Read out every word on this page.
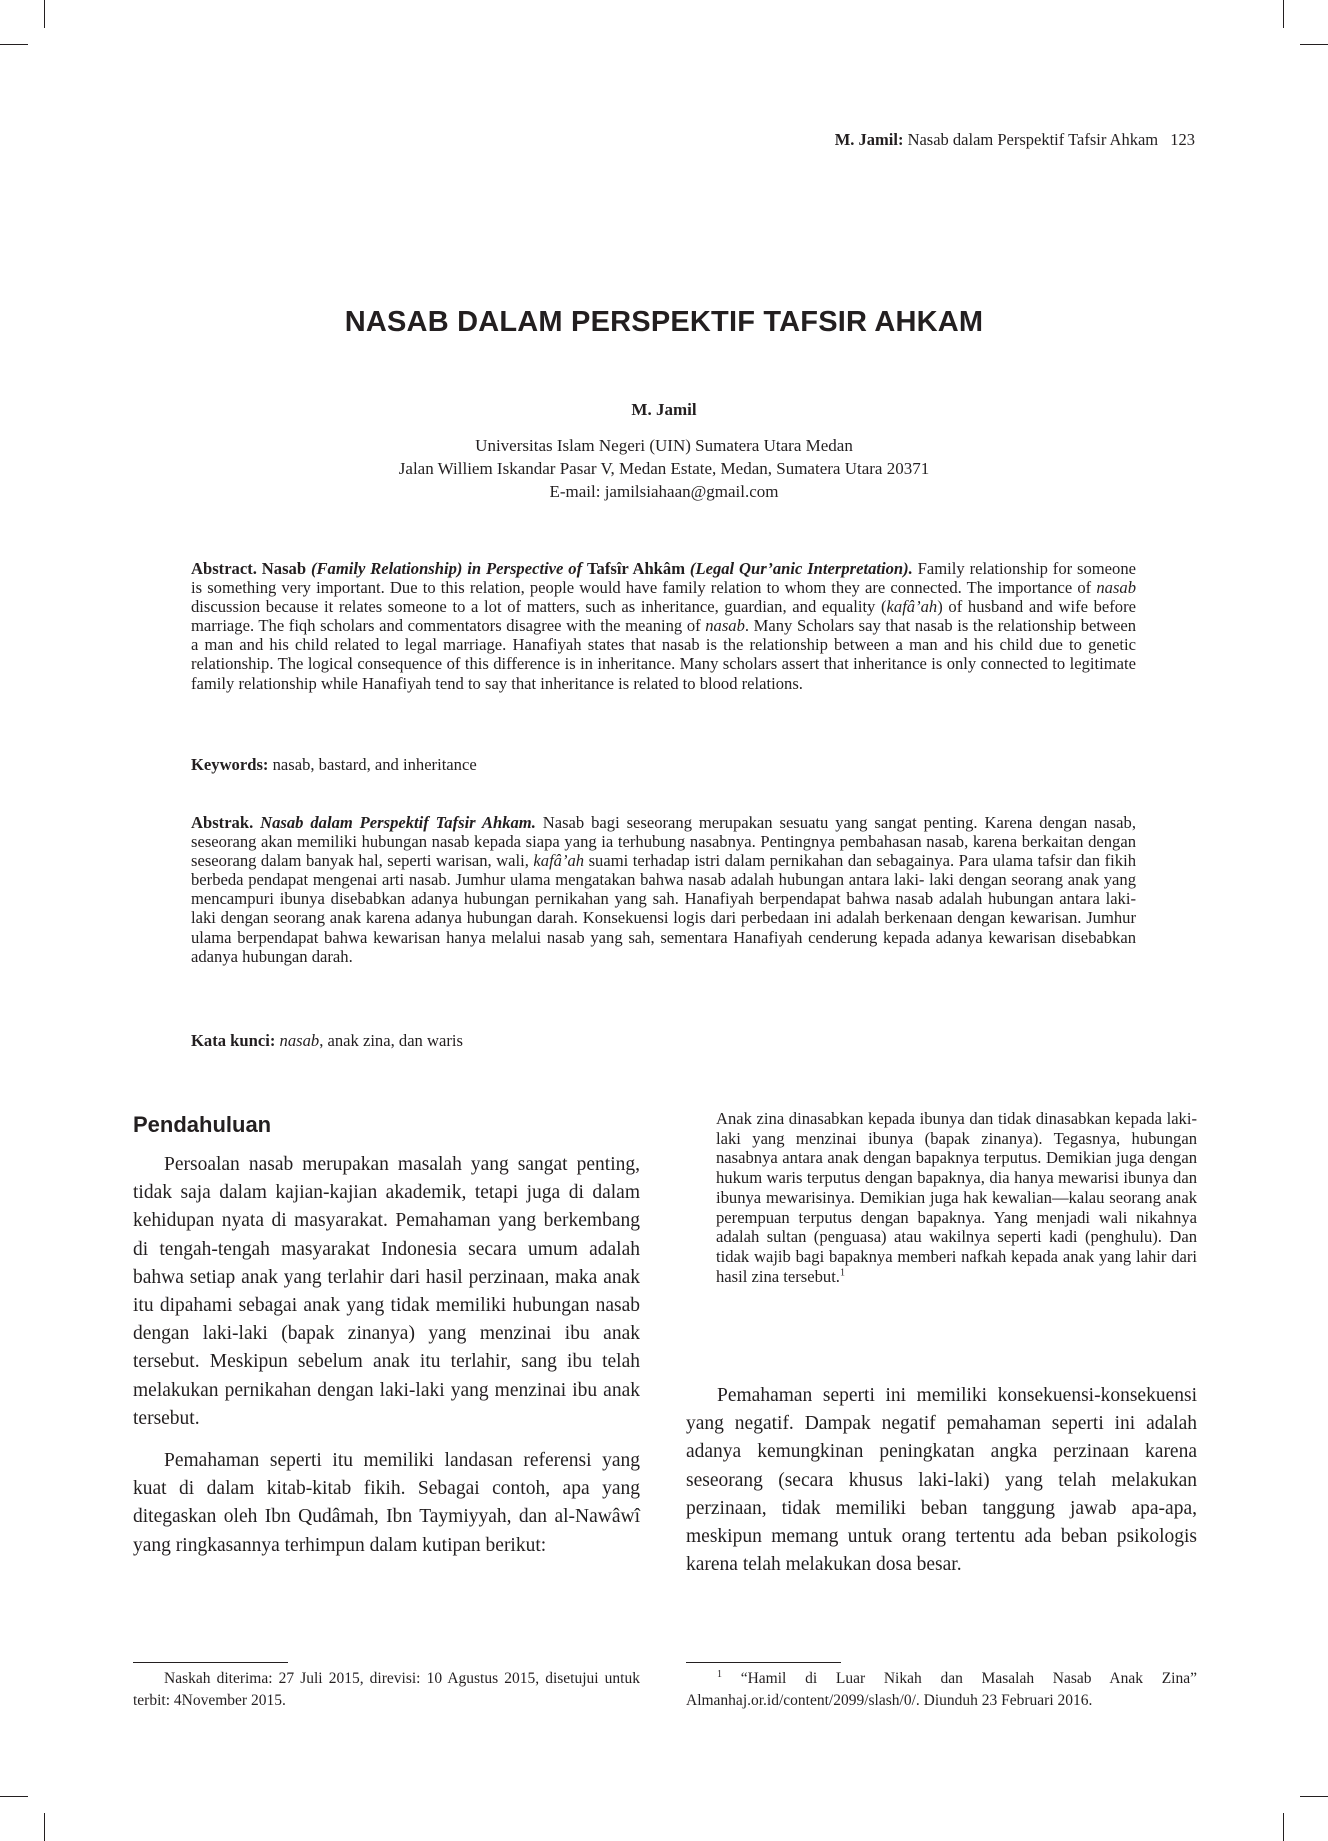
M. Jamil: Nasab dalam Perspektif Tafsir Ahkam 123
NASAB DALAM PERSPEKTIF TAFSIR AHKAM
M. Jamil
Universitas Islam Negeri (UIN) Sumatera Utara Medan
Jalan Williem Iskandar Pasar V, Medan Estate, Medan, Sumatera Utara 20371
E-mail: jamilsiahaan@gmail.com
Abstract. Nasab (Family Relationship) in Perspective of Tafsîr Ahkâm (Legal Qur’anic Interpretation). Family relationship for someone is something very important. Due to this relation, people would have family relation to whom they are connected. The importance of nasab discussion because it relates someone to a lot of matters, such as inheritance, guardian, and equality (kafâ’ah) of husband and wife before marriage. The fiqh scholars and commentators disagree with the meaning of nasab. Many Scholars say that nasab is the relationship between a man and his child related to legal marriage. Hanafiyah states that nasab is the relationship between a man and his child due to genetic relationship. The logical consequence of this difference is in inheritance. Many scholars assert that inheritance is only connected to legitimate family relationship while Hanafiyah tend to say that inheritance is related to blood relations.
Keywords: nasab, bastard, and inheritance
Abstrak. Nasab dalam Perspektif Tafsir Ahkam. Nasab bagi seseorang merupakan sesuatu yang sangat penting. Karena dengan nasab, seseorang akan memiliki hubungan nasab kepada siapa yang ia terhubung nasabnya. Pentingnya pembahasan nasab, karena berkaitan dengan seseorang dalam banyak hal, seperti warisan, wali, kafâ’ah suami terhadap istri dalam pernikahan dan sebagainya. Para ulama tafsir dan fikih berbeda pendapat mengenai arti nasab. Jumhur ulama mengatakan bahwa nasab adalah hubungan antara laki- laki dengan seorang anak yang mencampuri ibunya disebabkan adanya hubungan pernikahan yang sah. Hanafiyah berpendapat bahwa nasab adalah hubungan antara laki-laki dengan seorang anak karena adanya hubungan darah. Konsekuensi logis dari perbedaan ini adalah berkenaan dengan kewarisan. Jumhur ulama berpendapat bahwa kewarisan hanya melalui nasab yang sah, sementara Hanafiyah cenderung kepada adanya kewarisan disebabkan adanya hubungan darah.
Kata kunci: nasab, anak zina, dan waris
Pendahuluan

Persoalan nasab merupakan masalah yang sangat penting, tidak saja dalam kajian-kajian akademik, tetapi juga di dalam kehidupan nyata di masyarakat. Pemahaman yang berkembang di tengah-tengah masyarakat Indonesia secara umum adalah bahwa setiap anak yang terlahir dari hasil perzinaan, maka anak itu dipahami sebagai anak yang tidak memiliki hubungan nasab dengan laki-laki (bapak zinanya) yang menzinai ibu anak tersebut. Meskipun sebelum anak itu terlahir, sang ibu telah melakukan pernikahan dengan laki-laki yang menzinai ibu anak tersebut.

Pemahaman seperti itu memiliki landasan referensi yang kuat di dalam kitab-kitab fikih. Sebagai contoh, apa yang ditegaskan oleh Ibn Qudâmah, Ibn Taymiyyah, dan al-Nawâwî yang ringkasannya terhimpun dalam kutipan berikut:

Anak zina dinasabkan kepada ibunya dan tidak dinasabkan kepada laki-laki yang menzinai ibunya (bapak zinanya). Tegasnya, hubungan nasabnya antara anak dengan bapaknya terputus. Demikian juga dengan hukum waris terputus dengan bapaknya, dia hanya mewarisi ibunya dan ibunya mewarisinya. Demikian juga hak kewalian—kalau seorang anak perempuan terputus dengan bapaknya. Yang menjadi wali nikahnya adalah sultan (penguasa) atau wakilnya seperti kadi (penghulu). Dan tidak wajib bagi bapaknya memberi nafkah kepada anak yang lahir dari hasil zina tersebut.$^1$

Pemahaman seperti ini memiliki konsekuensi-konsekuensi yang negatif. Dampak negatif pemahaman seperti ini adalah adanya kemungkinan peningkatan angka perzinaan karena seseorang (secara khusus laki-laki) yang telah melakukan perzinaan, tidak memiliki beban tanggung jawab apa-apa, meskipun memang untuk orang tertentu ada beban psikologis karena telah melakukan dosa besar.

Naskah diterima: 27 Juli 2015, direvisi: 10 Agustus 2015, disetujui untuk terbit: 4November 2015.
$^1$ “Hamil di Luar Nikah dan Masalah Nasab Anak Zina” Almanhaj.or.id/content/2099/slash/0/. Diunduh 23 Februari 2016.
